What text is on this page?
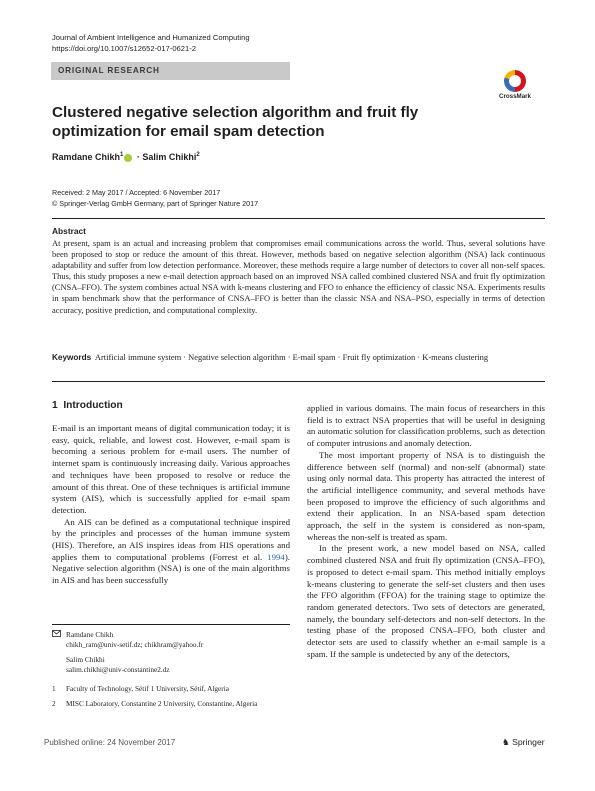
Journal of Ambient Intelligence and Humanized Computing
https://doi.org/10.1007/s12652-017-0621-2
ORIGINAL RESEARCH
CrossMark
Clustered negative selection algorithm and fruit fly optimization for email spam detection
Ramdane Chikh$^1$ · Salim Chikhi$^2$
Received: 2 May 2017 / Accepted: 6 November 2017
© Springer-Verlag GmbH Germany, part of Springer Nature 2017
Abstract
At present, spam is an actual and increasing problem that compromises email communications across the world. Thus, several solutions have been proposed to stop or reduce the amount of this threat. However, methods based on negative selection algorithm (NSA) lack continuous adaptability and suffer from low detection performance. Moreover, these methods require a large number of detectors to cover all non-self spaces. Thus, this study proposes a new e-mail detection approach based on an improved NSA called combined clustered NSA and fruit fly optimization (CNSA–FFO). The system combines actual NSA with k-means clustering and FFO to enhance the efficiency of classic NSA. Experiments results in spam benchmark show that the performance of CNSA–FFO is better than the classic NSA and NSA–PSO, especially in terms of detection accuracy, positive prediction, and computational complexity.
Keywords Artificial immune system · Negative selection algorithm · E-mail spam · Fruit fly optimization · K-means clustering
1 Introduction

E-mail is an important means of digital communication today; it is easy, quick, reliable, and lowest cost. However, e-mail spam is becoming a serious problem for e-mail users. The number of internet spam is continuously increasing daily. Various approaches and techniques have been proposed to resolve or reduce the amount of this threat. One of these techniques is artificial immune system (AIS), which is successfully applied for e-mail spam detection.

An AIS can be defined as a computational technique inspired by the principles and processes of the human immune system (HIS). Therefore, an AIS inspires ideas from HIS operations and applies them to computational problems (Forrest et al. 1994). Negative selection algorithm (NSA) is one of the main algorithms in AIS and has been successfully

Ramdane Chikh
chikh_ram@univ-setif.dz; chikhram@yahoo.fr
Salim Chikhi
salim.chikhi@univ-constantine2.dz
1	Faculty of Technology, Sétif 1 University, Sétif, Algeria
2	MISC Laboratory, Constantine 2 University, Constantine, Algeria

applied in various domains. The main focus of researchers in this field is to extract NSA properties that will be useful in designing an automatic solution for classification problems, such as detection of computer intrusions and anomaly detection.

The most important property of NSA is to distinguish the difference between self (normal) and non-self (abnormal) state using only normal data. This property has attracted the interest of the artificial intelligence community, and several methods have been proposed to improve the efficiency of such algorithms and extend their application. In an NSA-based spam detection approach, the self in the system is considered as non-spam, whereas the non-self is treated as spam.

In the present work, a new model based on NSA, called combined clustered NSA and fruit fly optimization (CNSA–FFO), is proposed to detect e-mail spam. This method initially employs k-means clustering to generate the self-set clusters and then uses the FFO algorithm (FFOA) for the training stage to optimize the random generated detectors. Two sets of detectors are generated, namely, the boundary self-detectors and non-self detectors. In the testing phase of the proposed CNSA–FFO, both cluster and detector sets are used to classify whether an e-mail sample is a spam. If the sample is undetected by any of the detectors,

Published online: 24 November 2017	♞ Springer
